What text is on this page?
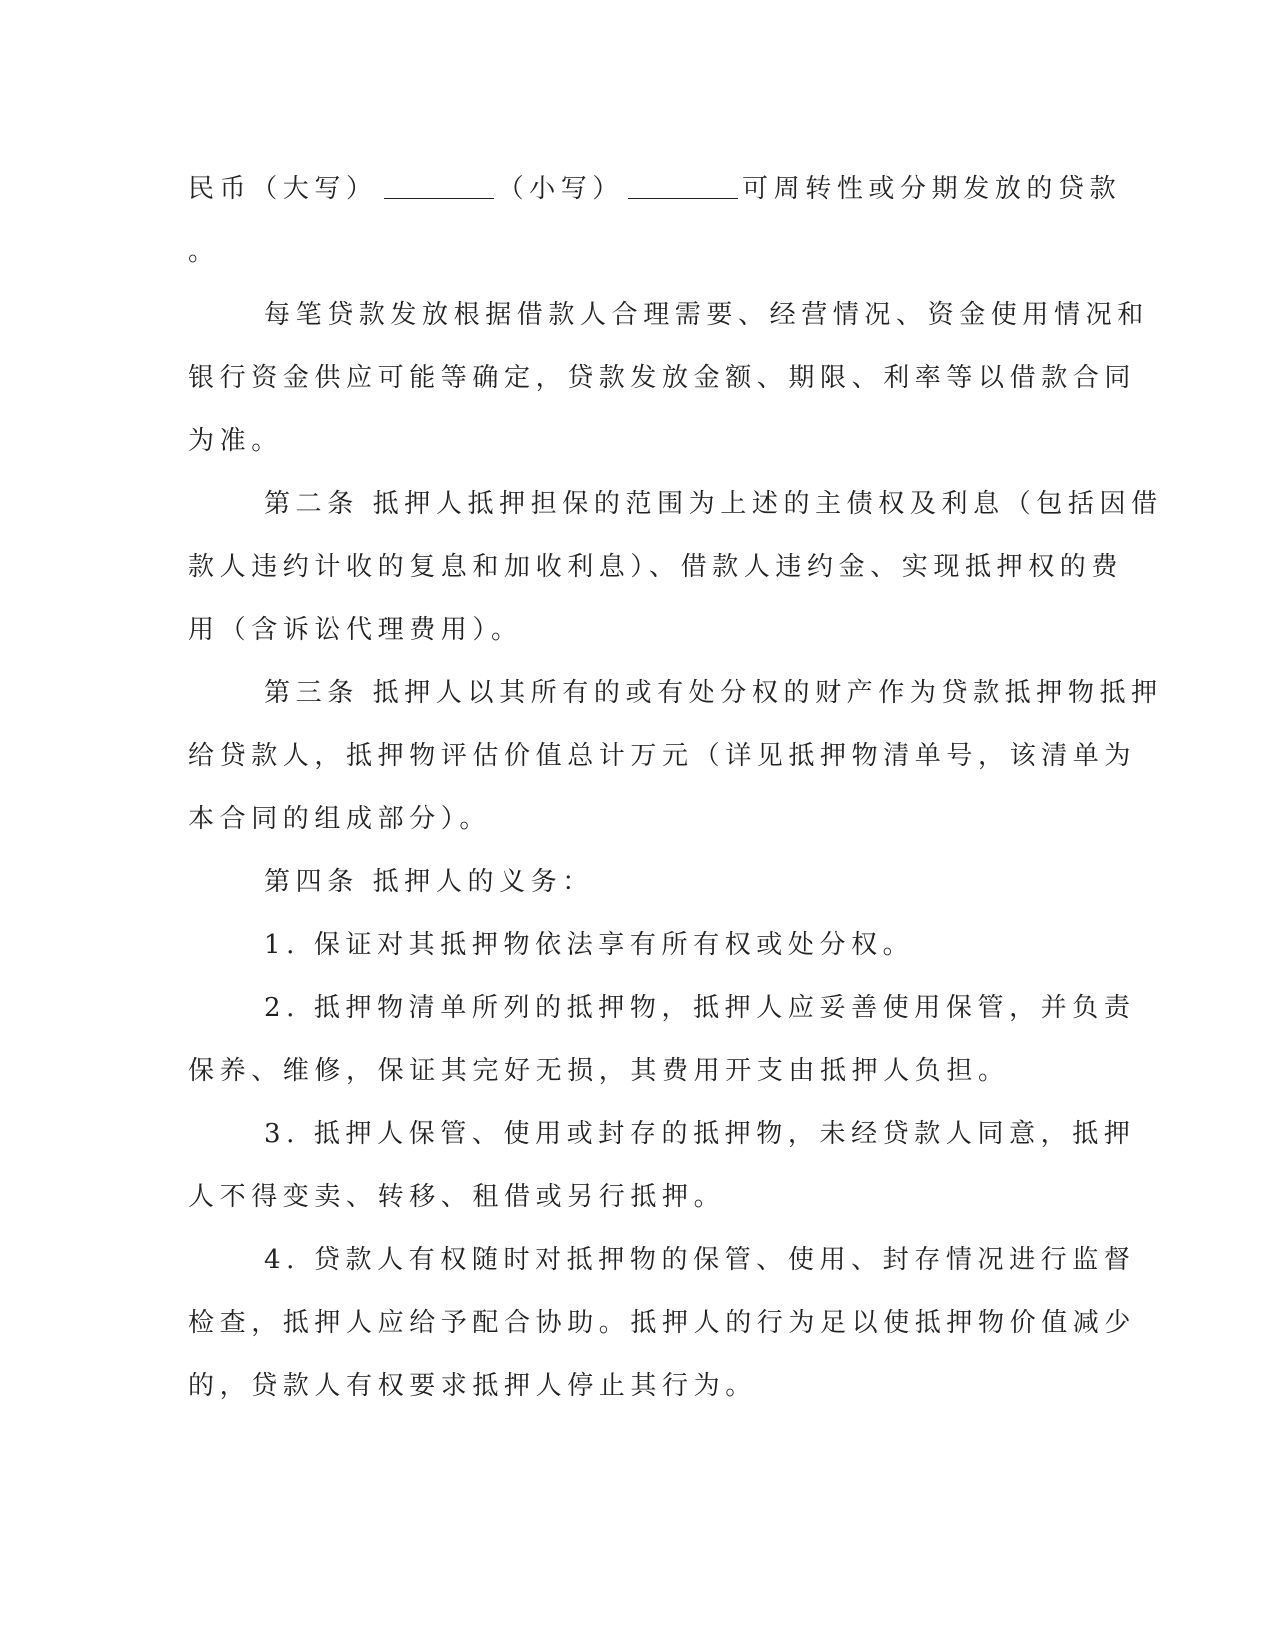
民币（大写）	（小写）	可周转性或分期发放的贷款
。
每笔贷款发放根据借款人合理需要、经营情况、资金使用情况和
银行资金供应可能等确定，贷款发放金额、期限、利率等以借款合同
为准。
第二条 抵押人抵押担保的范围为上述的主债权及利息（包括因借
款人违约计收的复息和加收利息）、借款人违约金、实现抵押权的费
用（含诉讼代理费用）。
第三条 抵押人以其所有的或有处分权的财产作为贷款抵押物抵押
给贷款人，抵押物评估价值总计万元（详见抵押物清单号，该清单为
本合同的组成部分）。
第四条 抵押人的义务：
1. 保证对其抵押物依法享有所有权或处分权。
2. 抵押物清单所列的抵押物，抵押人应妥善使用保管，并负责
保养、维修，保证其完好无损，其费用开支由抵押人负担。
3. 抵押人保管、使用或封存的抵押物，未经贷款人同意，抵押
人不得变卖、转移、租借或另行抵押。
4. 贷款人有权随时对抵押物的保管、使用、封存情况进行监督
检查，抵押人应给予配合协助。抵押人的行为足以使抵押物价值减少
的，贷款人有权要求抵押人停止其行为。
